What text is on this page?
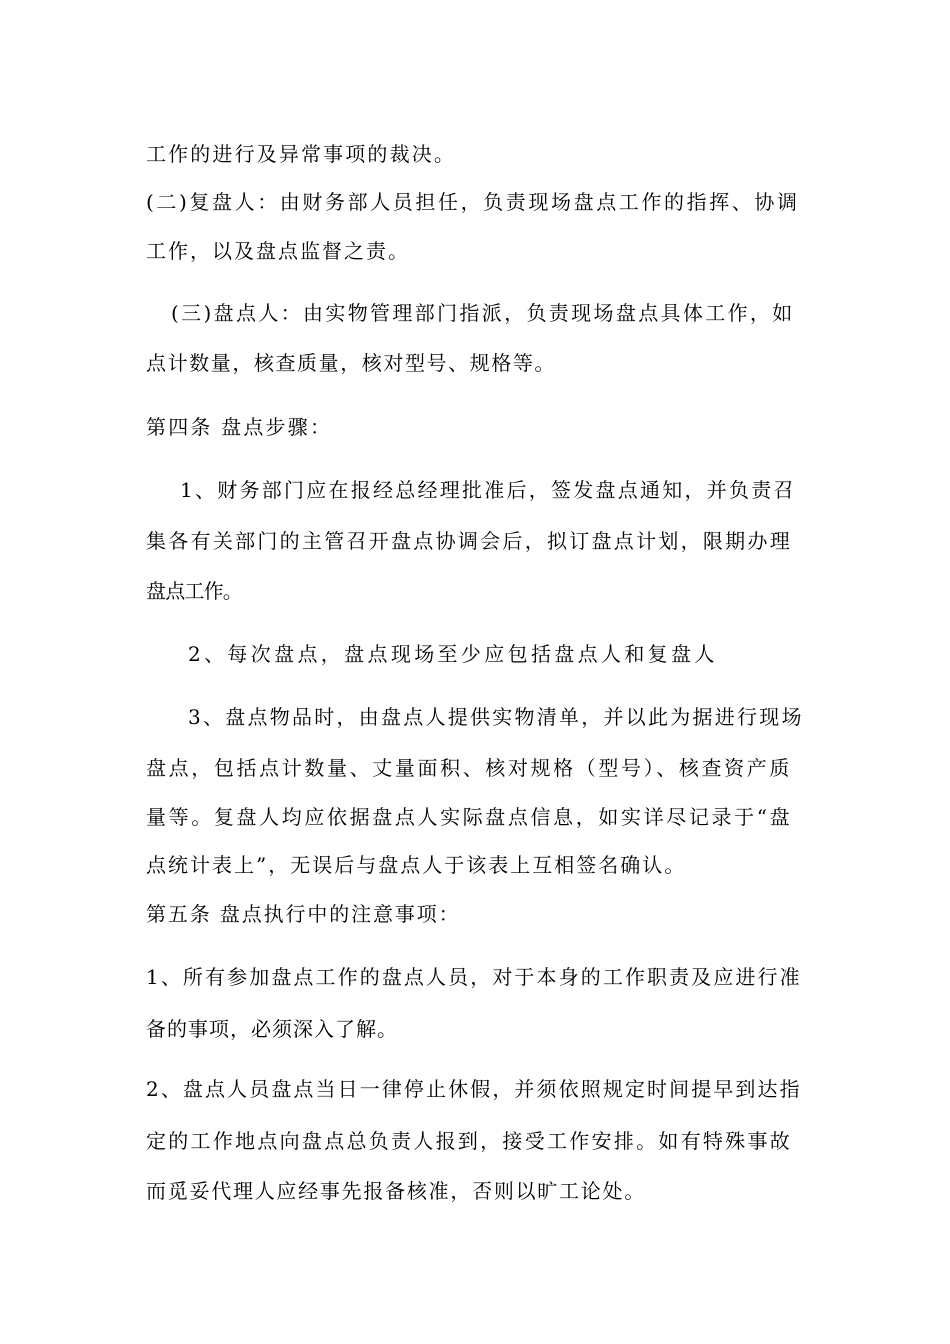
工作的进行及异常事项的裁决。
(二)复盘人：由财务部人员担任，负责现场盘点工作的指挥、协调
工作，以及盘点监督之责。
(三)盘点人：由实物管理部门指派，负责现场盘点具体工作，如
点计数量，核查质量，核对型号、规格等。
第四条 盘点步骤：
1、财务部门应在报经总经理批准后，签发盘点通知，并负责召
集各有关部门的主管召开盘点协调会后，拟订盘点计划，限期办理
盘点工作。
2、每次盘点，盘点现场至少应包括盘点人和复盘人
3、盘点物品时，由盘点人提供实物清单，并以此为据进行现场
盘点，包括点计数量、丈量面积、核对规格（型号）、核查资产质
量等。复盘人均应依据盘点人实际盘点信息，如实详尽记录于“盘
点统计表上”，无误后与盘点人于该表上互相签名确认。
第五条 盘点执行中的注意事项：
1、所有参加盘点工作的盘点人员，对于本身的工作职责及应进行准
备的事项，必须深入了解。
2、盘点人员盘点当日一律停止休假，并须依照规定时间提早到达指
定的工作地点向盘点总负责人报到，接受工作安排。如有特殊事故
而觅妥代理人应经事先报备核准，否则以旷工论处。
